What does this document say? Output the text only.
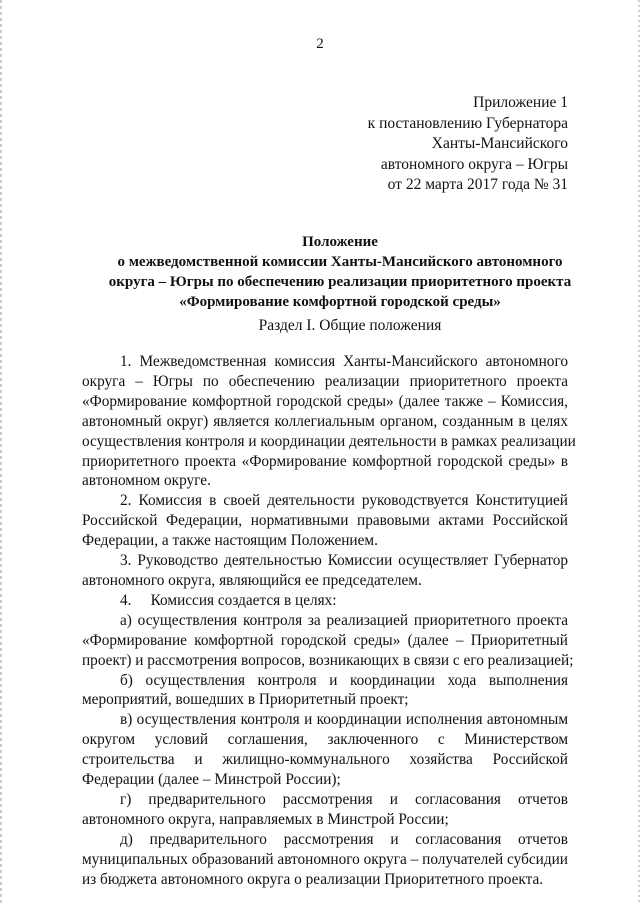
2
Приложение 1
к постановлению Губернатора
Ханты-Мансийского
автономного округа – Югры
от 22 марта 2017 года № 31
Положение
о межведомственной комиссии Ханты-Мансийского автономного
округа – Югры по обеспечению реализации приоритетного проекта
«Формирование комфортной городской среды»
Раздел I. Общие положения
1. Межведомственная комиссия Ханты-Мансийского автономного
округа – Югры по обеспечению реализации приоритетного проекта
«Формирование комфортной городской среды» (далее также – Комиссия,
автономный округ) является коллегиальным органом, созданным в целях
осуществления контроля и координации деятельности в рамках реализации
приоритетного проекта «Формирование комфортной городской среды» в
автономном округе.
2. Комиссия в своей деятельности руководствуется Конституцией
Российской Федерации, нормативными правовыми актами Российской
Федерации, а также настоящим Положением.
3. Руководство деятельностью Комиссии осуществляет Губернатор
автономного округа, являющийся ее председателем.
4.     Комиссия создается в целях:
а) осуществления контроля за реализацией приоритетного проекта
«Формирование комфортной городской среды» (далее – Приоритетный
проект) и рассмотрения вопросов, возникающих в связи с его реализацией;
б) осуществления контроля и координации хода выполнения
мероприятий, вошедших в Приоритетный проект;
в) осуществления контроля и координации исполнения автономным
округом условий соглашения, заключенного с Министерством
строительства и жилищно-коммунального хозяйства Российской
Федерации (далее – Минстрой России);
г) предварительного рассмотрения и согласования отчетов
автономного округа, направляемых в Минстрой России;
д) предварительного рассмотрения и согласования отчетов
муниципальных образований автономного округа – получателей субсидии
из бюджета автономного округа о реализации Приоритетного проекта.
